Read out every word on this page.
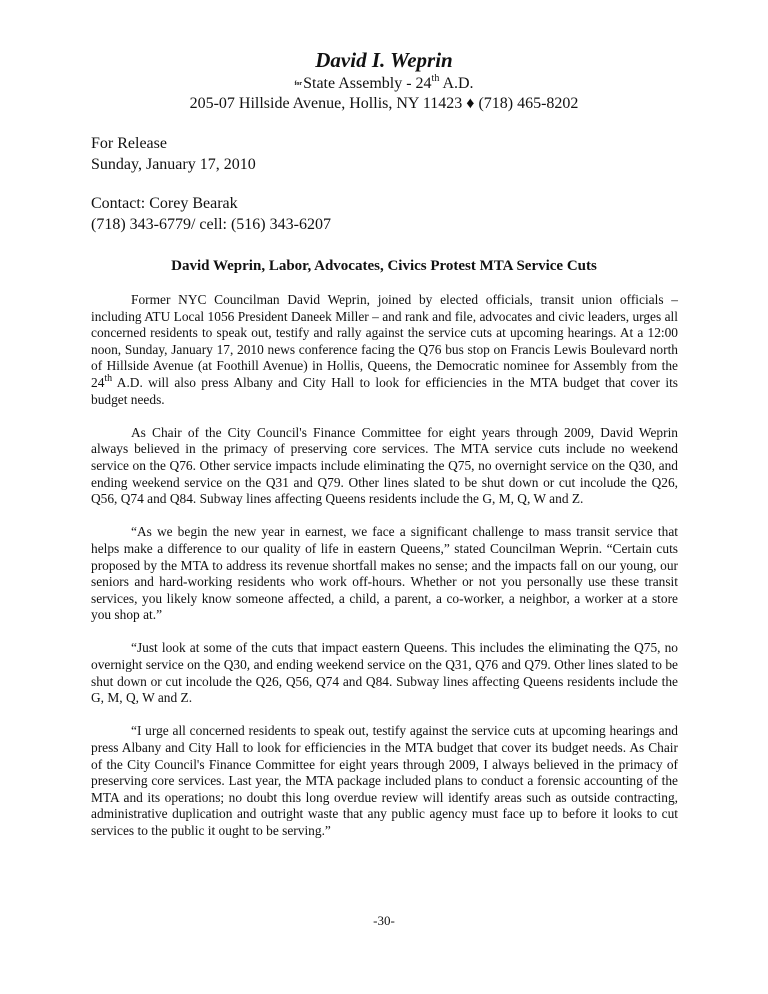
David I. Weprin
forState Assembly - 24th A.D.
205-07 Hillside Avenue, Hollis, NY 11423 ♦ (718) 465-8202
For Release
Sunday, January 17, 2010
Contact: Corey Bearak
(718) 343-6779/ cell: (516) 343-6207
David Weprin, Labor, Advocates, Civics Protest MTA Service Cuts

Former NYC Councilman David Weprin, joined by elected officials, transit union officials – including ATU Local 1056 President Daneek Miller – and rank and file, advocates and civic leaders, urges all concerned residents to speak out, testify and rally against the service cuts at upcoming hearings. At a 12:00 noon, Sunday, January 17, 2010 news conference facing the Q76 bus stop on Francis Lewis Boulevard north of Hillside Avenue (at Foothill Avenue) in Hollis, Queens, the Democratic nominee for Assembly from the 24th A.D. will also press Albany and City Hall to look for efficiencies in the MTA budget that cover its budget needs.

As Chair of the City Council's Finance Committee for eight years through 2009, David Weprin always believed in the primacy of preserving core services. The MTA service cuts include no weekend service on the Q76. Other service impacts include eliminating the Q75, no overnight service on the Q30, and ending weekend service on the Q31 and Q79. Other lines slated to be shut down or cut incolude the Q26, Q56, Q74 and Q84. Subway lines affecting Queens residents include the G, M, Q, W and Z.

“As we begin the new year in earnest, we face a significant challenge to mass transit service that helps make a difference to our quality of life in eastern Queens,” stated Councilman Weprin. “Certain cuts proposed by the MTA to address its revenue shortfall makes no sense; and the impacts fall on our young, our seniors and hard-working residents who work off-hours. Whether or not you personally use these transit services, you likely know someone affected, a child, a parent, a co-worker, a neighbor, a worker at a store you shop at.”

“Just look at some of the cuts that impact eastern Queens. This includes the eliminating the Q75, no overnight service on the Q30, and ending weekend service on the Q31, Q76 and Q79. Other lines slated to be shut down or cut incolude the Q26, Q56, Q74 and Q84. Subway lines affecting Queens residents include the G, M, Q, W and Z.

“I urge all concerned residents to speak out, testify against the service cuts at upcoming hearings and press Albany and City Hall to look for efficiencies in the MTA budget that cover its budget needs. As Chair of the City Council's Finance Committee for eight years through 2009, I always believed in the primacy of preserving core services. Last year, the MTA package included plans to conduct a forensic accounting of the MTA and its operations; no doubt this long overdue review will identify areas such as outside contracting, administrative duplication and outright waste that any public agency must face up to before it looks to cut services to the public it ought to be serving.”

-30-
